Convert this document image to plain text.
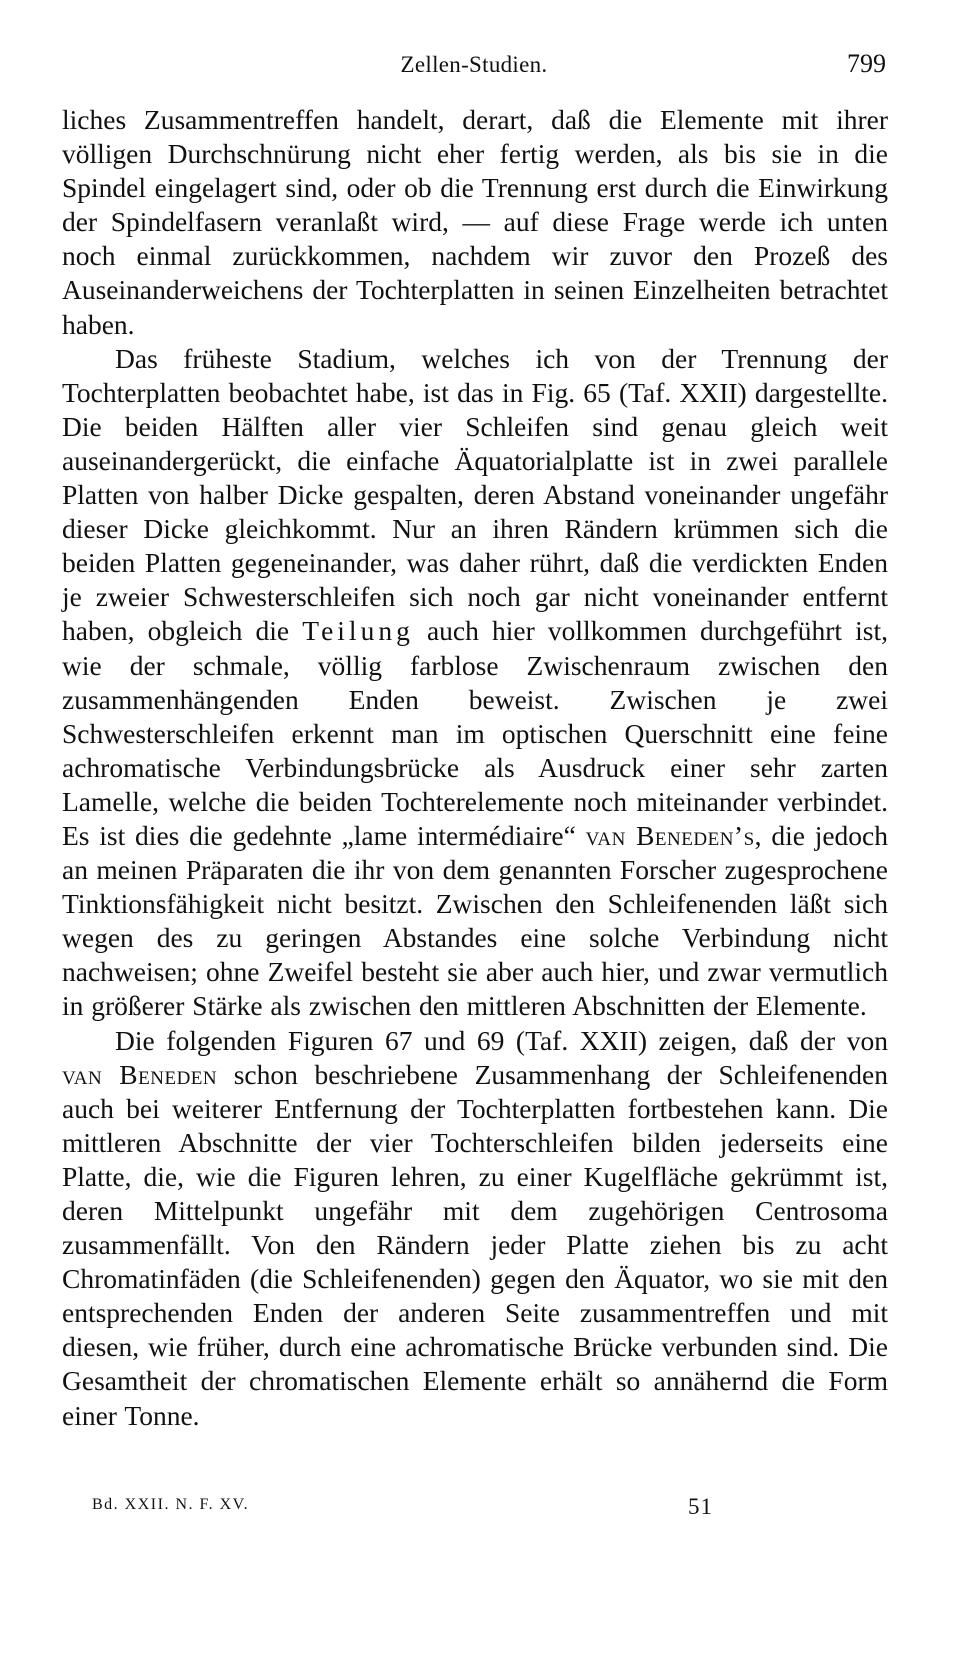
Zellen-Studien.	799

liches Zusammentreffen handelt, derart, daß die Elemente mit ihrer völligen Durchschnürung nicht eher fertig werden, als bis sie in die Spindel eingelagert sind, oder ob die Trennung erst durch die Einwirkung der Spindelfasern veranlaßt wird, — auf diese Frage werde ich unten noch einmal zurückkommen, nachdem wir zuvor den Prozeß des Auseinanderweichens der Tochterplatten in seinen Einzelheiten betrachtet haben.

Das früheste Stadium, welches ich von der Trennung der Tochterplatten beobachtet habe, ist das in Fig. 65 (Taf. XXII) dargestellte. Die beiden Hälften aller vier Schleifen sind genau gleich weit auseinandergerückt, die einfache Äquatorialplatte ist in zwei parallele Platten von halber Dicke gespalten, deren Abstand voneinander ungefähr dieser Dicke gleichkommt. Nur an ihren Rändern krümmen sich die beiden Platten gegeneinander, was daher rührt, daß die verdickten Enden je zweier Schwesterschleifen sich noch gar nicht voneinander entfernt haben, obgleich die Teilung auch hier vollkommen durchgeführt ist, wie der schmale, völlig farblose Zwischenraum zwischen den zusammenhängenden Enden beweist. Zwischen je zwei Schwesterschleifen erkennt man im optischen Querschnitt eine feine achromatische Verbindungsbrücke als Ausdruck einer sehr zarten Lamelle, welche die beiden Tochterelemente noch miteinander verbindet. Es ist dies die gedehnte „lame intermédiaire“ van Beneden’s, die jedoch an meinen Präparaten die ihr von dem genannten Forscher zugesprochene Tinktionsfähigkeit nicht besitzt. Zwischen den Schleifenenden läßt sich wegen des zu geringen Abstandes eine solche Verbindung nicht nachweisen; ohne Zweifel besteht sie aber auch hier, und zwar vermutlich in größerer Stärke als zwischen den mittleren Abschnitten der Elemente.

Die folgenden Figuren 67 und 69 (Taf. XXII) zeigen, daß der von van Beneden schon beschriebene Zusammenhang der Schleifenenden auch bei weiterer Entfernung der Tochterplatten fortbestehen kann. Die mittleren Abschnitte der vier Tochterschleifen bilden jederseits eine Platte, die, wie die Figuren lehren, zu einer Kugelfläche gekrümmt ist, deren Mittelpunkt ungefähr mit dem zugehörigen Centrosoma zusammenfällt. Von den Rändern jeder Platte ziehen bis zu acht Chromatinfäden (die Schleifenenden) gegen den Äquator, wo sie mit den entsprechenden Enden der anderen Seite zusammentreffen und mit diesen, wie früher, durch eine achromatische Brücke verbunden sind. Die Gesamtheit der chromatischen Elemente erhält so annähernd die Form einer Tonne.

Bd. XXII. N. F. XV.	51
